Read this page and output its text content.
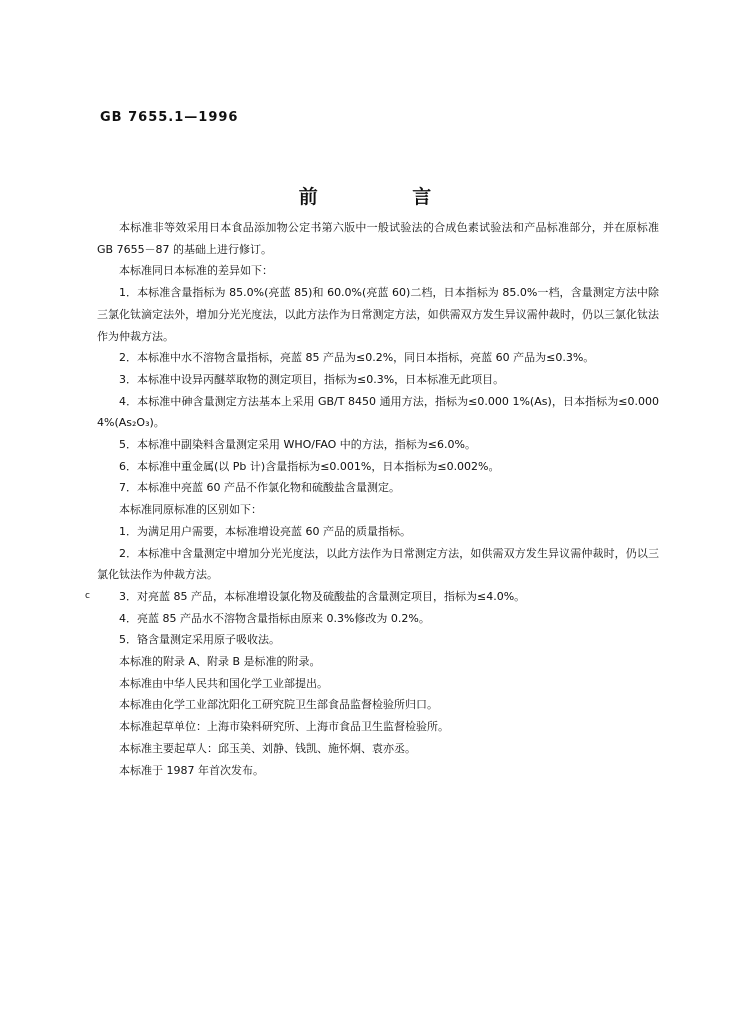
GB 7655.1—1996
前 言

本标准非等效采用日本食品添加物公定书第六版中一般试验法的合成色素试验法和产品标准部分，并在原标准 GB 7655－87 的基础上进行修订。

本标准同日本标准的差异如下：

1．本标准含量指标为 85.0%(亮蓝 85)和 60.0%(亮蓝 60)二档，日本指标为 85.0%一档，含量测定方法中除三氯化钛滴定法外，增加分光光度法，以此方法作为日常测定方法，如供需双方发生异议需仲裁时，仍以三氯化钛法作为仲裁方法。

2．本标准中水不溶物含量指标，亮蓝 85 产品为≤0.2%，同日本指标，亮蓝 60 产品为≤0.3%。

3．本标准中设异丙醚萃取物的测定项目，指标为≤0.3%，日本标准无此项目。

4．本标准中砷含量测定方法基本上采用 GB/T 8450 通用方法，指标为≤0.000 1%(As)，日本指标为≤0.000 4%(As₂O₃)。

5．本标准中副染料含量测定采用 WHO/FAO 中的方法，指标为≤6.0%。

6．本标准中重金属(以 Pb 计)含量指标为≤0.001%，日本指标为≤0.002%。

7．本标准中亮蓝 60 产品不作氯化物和硫酸盐含量测定。

本标准同原标准的区别如下：

1．为满足用户需要，本标准增设亮蓝 60 产品的质量指标。

2．本标准中含量测定中增加分光光度法，以此方法作为日常测定方法，如供需双方发生异议需仲裁时，仍以三氯化钛法作为仲裁方法。

c	3．对亮蓝 85 产品，本标准增设氯化物及硫酸盐的含量测定项目，指标为≤4.0%。

4．亮蓝 85 产品水不溶物含量指标由原来 0.3%修改为 0.2%。

5．铬含量测定采用原子吸收法。

本标准的附录 A、附录 B 是标准的附录。

本标准由中华人民共和国化学工业部提出。

本标准由化学工业部沈阳化工研究院卫生部食品监督检验所归口。

本标准起草单位：上海市染料研究所、上海市食品卫生监督检验所。

本标准主要起草人：邱玉美、刘静、钱凯、施怀炯、袁亦丞。

本标准于 1987 年首次发布。
